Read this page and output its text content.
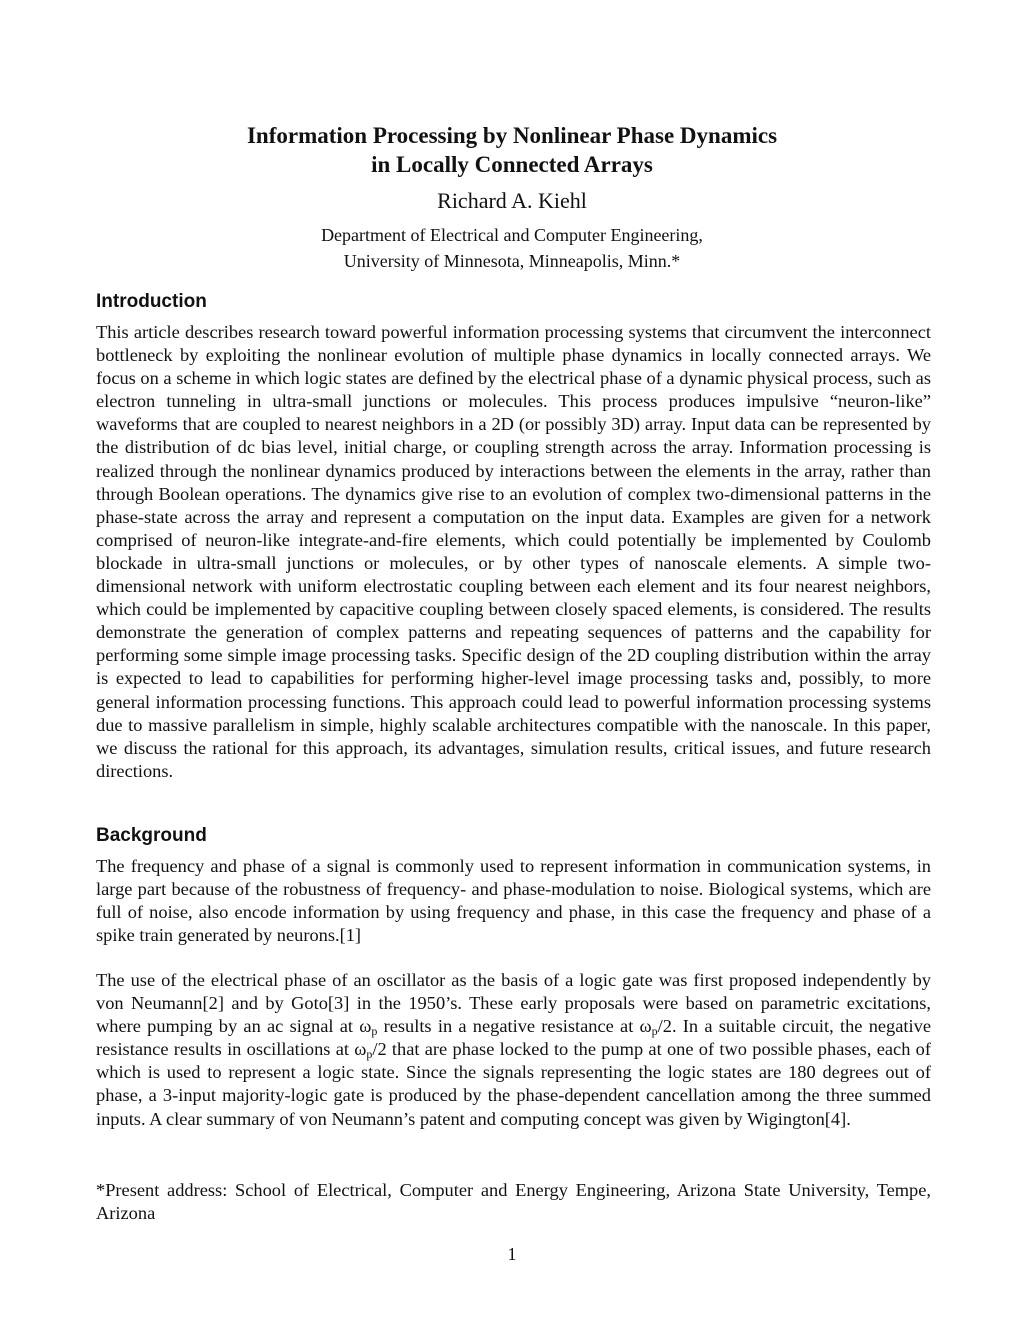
Information Processing by Nonlinear Phase Dynamics
in Locally Connected Arrays
Richard A. Kiehl
Department of Electrical and Computer Engineering,
University of Minnesota, Minneapolis, Minn.*
Introduction

This article describes research toward powerful information processing systems that circumvent the interconnect bottleneck by exploiting the nonlinear evolution of multiple phase dynamics in locally connected arrays. We focus on a scheme in which logic states are defined by the electrical phase of a dynamic physical process, such as electron tunneling in ultra-small junctions or molecules. This process produces impulsive “neuron-like” waveforms that are coupled to nearest neighbors in a 2D (or possibly 3D) array. Input data can be represented by the distribution of dc bias level, initial charge, or coupling strength across the array. Information processing is realized through the nonlinear dynamics produced by interactions between the elements in the array, rather than through Boolean operations. The dynamics give rise to an evolution of complex two-dimensional patterns in the phase-state across the array and represent a computation on the input data. Examples are given for a network comprised of neuron-like integrate-and-fire elements, which could potentially be implemented by Coulomb blockade in ultra-small junctions or molecules, or by other types of nanoscale elements. A simple two-dimensional network with uniform electrostatic coupling between each element and its four nearest neighbors, which could be implemented by capacitive coupling between closely spaced elements, is considered. The results demonstrate the generation of complex patterns and repeating sequences of patterns and the capability for performing some simple image processing tasks. Specific design of the 2D coupling distribution within the array is expected to lead to capabilities for performing higher-level image processing tasks and, possibly, to more general information processing functions. This approach could lead to powerful information processing systems due to massive parallelism in simple, highly scalable architectures compatible with the nanoscale. In this paper, we discuss the rational for this approach, its advantages, simulation results, critical issues, and future research directions.

Background

The frequency and phase of a signal is commonly used to represent information in communication systems, in large part because of the robustness of frequency- and phase-modulation to noise. Biological systems, which are full of noise, also encode information by using frequency and phase, in this case the frequency and phase of a spike train generated by neurons.[1]

The use of the electrical phase of an oscillator as the basis of a logic gate was first proposed independently by von Neumann[2] and by Goto[3] in the 1950’s. These early proposals were based on parametric excitations, where pumping by an ac signal at $\omega_p$ results in a negative resistance at $\omega_p/2$. In a suitable circuit, the negative resistance results in oscillations at $\omega_p/2$ that are phase locked to the pump at one of two possible phases, each of which is used to represent a logic state. Since the signals representing the logic states are 180 degrees out of phase, a 3-input majority-logic gate is produced by the phase-dependent cancellation among the three summed inputs. A clear summary of von Neumann’s patent and computing concept was given by Wigington[4].

*Present address: School of Electrical, Computer and Energy Engineering, Arizona State University, Tempe, Arizona

1
